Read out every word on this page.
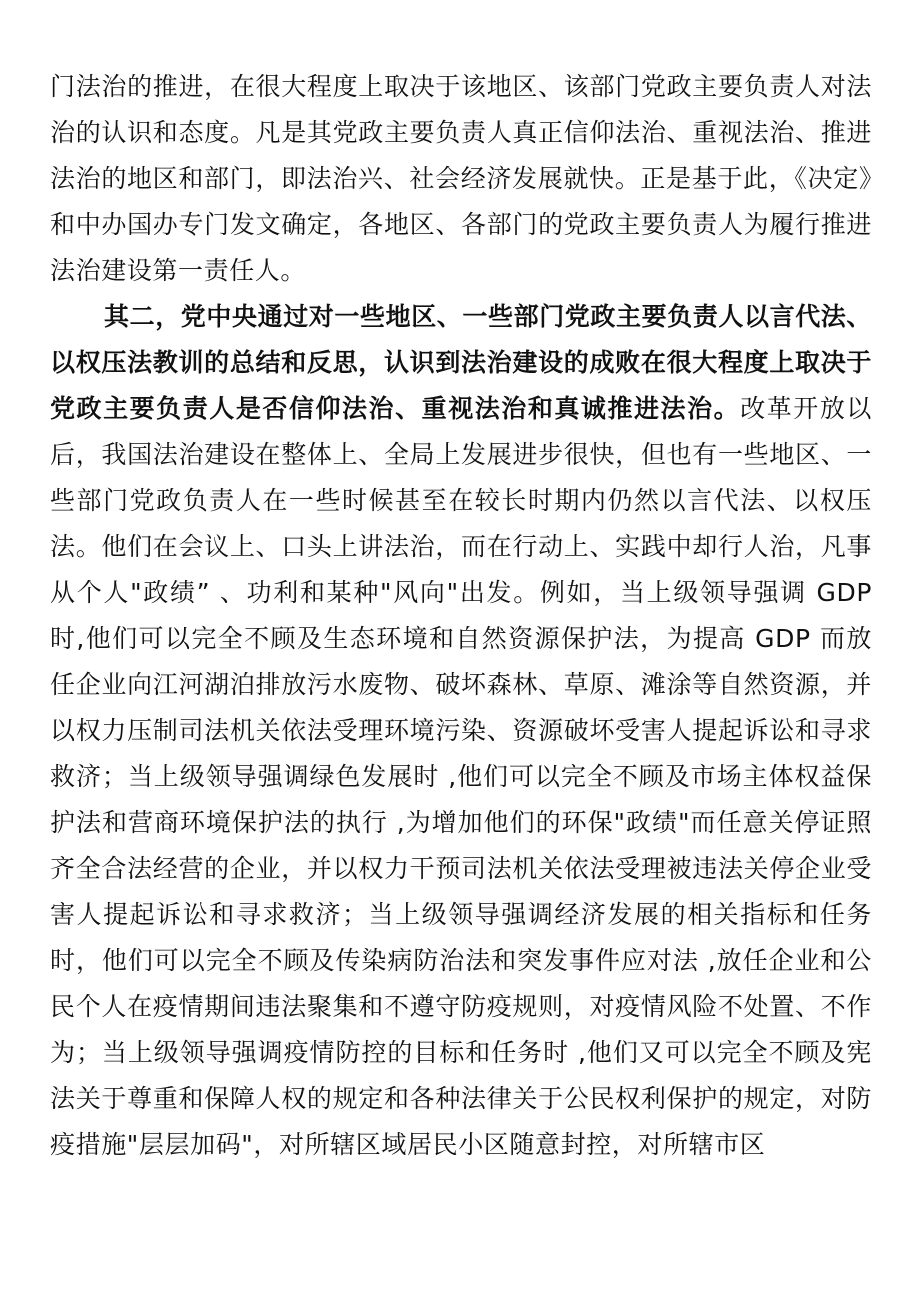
门法治的推进，在很大程度上取决于该地区、该部门党政主要负责人对法治的认识和态度。凡是其党政主要负责人真正信仰法治、重视法治、推进法治的地区和部门，即法治兴、社会经济发展就快。正是基于此，《决定》和中办国办专门发文确定，各地区、各部门的党政主要负责人为履行推进法治建设第一责任人。

其二，党中央通过对一些地区、一些部门党政主要负责人以言代法、以权压法教训的总结和反思，认识到法治建设的成败在很大程度上取决于党政主要负责人是否信仰法治、重视法治和真诚推进法治。改革开放以后，我国法治建设在整体上、全局上发展进步很快，但也有一些地区、一些部门党政负责人在一些时候甚至在较长时期内仍然以言代法、以权压法。他们在会议上、口头上讲法治，而在行动上、实践中却行人治，凡事从个人"政绩” 、功利和某种"风向"出发。例如，当上级领导强调 GDP 时,他们可以完全不顾及生态环境和自然资源保护法，为提高 GDP 而放任企业向江河湖泊排放污水废物、破坏森林、草原、滩涂等自然资源，并以权力压制司法机关依法受理环境污染、资源破坏受害人提起诉讼和寻求救济；当上级领导强调绿色发展时 ,他们可以完全不顾及市场主体权益保护法和营商环境保护法的执行 ,为增加他们的环保"政绩"而任意关停证照齐全合法经营的企业，并以权力干预司法机关依法受理被违法关停企业受害人提起诉讼和寻求救济；当上级领导强调经济发展的相关指标和任务时，他们可以完全不顾及传染病防治法和突发事件应对法 ,放任企业和公民个人在疫情期间违法聚集和不遵守防疫规则，对疫情风险不处置、不作为；当上级领导强调疫情防控的目标和任务时 ,他们又可以完全不顾及宪法关于尊重和保障人权的规定和各种法律关于公民权利保护的规定，对防疫措施"层层加码"，对所辖区域居民小区随意封控，对所辖市区
